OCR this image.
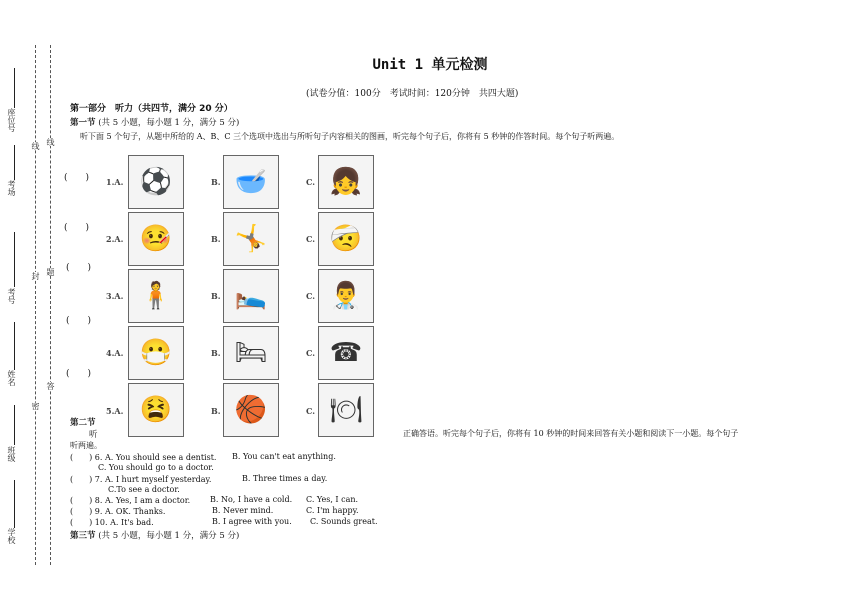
座位号
考场
考号
姓名
班级
学校
线 线
封 题
答
密
Unit 1 单元检测
(试卷分值：100分　考试时间：120分钟　共四大题)
第一部分　听力（共四节，满分 20 分）
第一节 (共 5 小题，每小题 1 分，满分 5 分)
听下面 5 个句子，从题中所给的 A、B、C 三个选项中选出与所听句子内容相关的图画，听完每个句子后，你将有 5 秒钟的作答时间。每个句子听两遍。
(　　) 1.A. ⚽	B. 🥣	C. 👧
(　　)
2.A. 🤒	B. 🤸	C. 🤕
(　　)
3.A. 🧍	B. 🛌	C. 👨‍⚕️
(　　)
4.A. 😷	B. 🛏	C. ☎
(　　)
5.A. 😫	B. 🏀	C. 🍽
第二节
听	正确答语。听完每个句子后，你将有 10 秒钟的时间来回答有关小题和阅读下一小题。每个句子
听两遍。
(　　) 6. A. You should see a dentist. B. You can't eat anything.
C. You should go to a doctor.
(　　) 7. A. I hurt myself yesterday.	B. Three times a day.
C.To see a doctor.
(　　) 8. A. Yes, I am a doctor. B. No, I have a cold. C. Yes, I can.
(　　) 9. A. OK. Thanks.	B. Never mind.	C. I'm happy.
(　　) 10. A. It's bad.	B. I agree with you. C. Sounds great.
第三节 (共 5 小题，每小题 1 分，满分 5 分)
